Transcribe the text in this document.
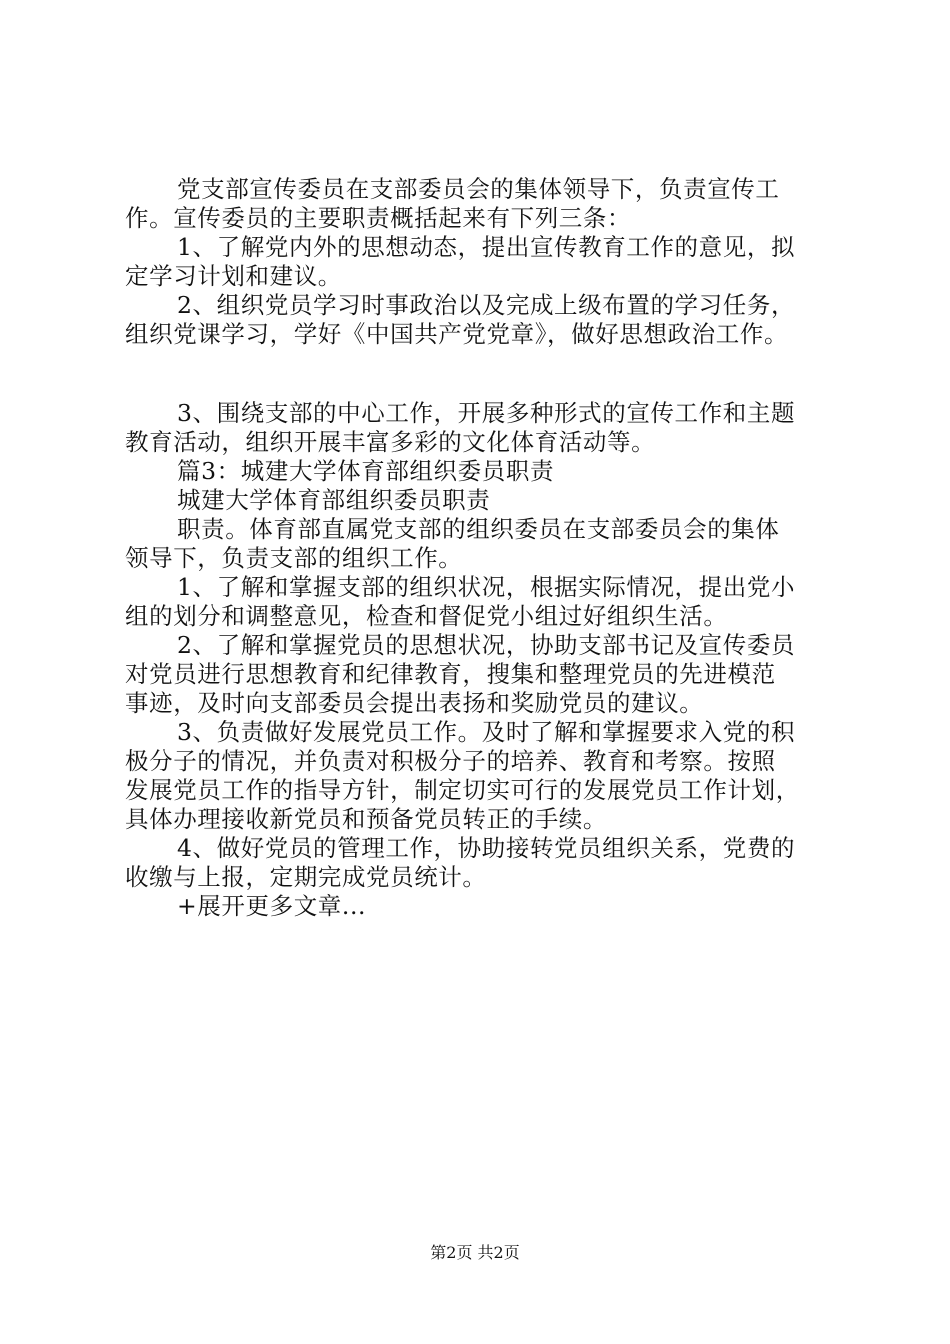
党支部宣传委员在支部委员会的集体领导下，负责宣传工
作。宣传委员的主要职责概括起来有下列三条：
1、了解党内外的思想动态，提出宣传教育工作的意见，拟
定学习计划和建议。
2、组织党员学习时事政治以及完成上级布置的学习任务，
组织党课学习，学好《中国共产党党章》，做好思想政治工作。
3、围绕支部的中心工作，开展多种形式的宣传工作和主题
教育活动，组织开展丰富多彩的文化体育活动等。
篇3：城建大学体育部组织委员职责
城建大学体育部组织委员职责
职责。体育部直属党支部的组织委员在支部委员会的集体
领导下，负责支部的组织工作。
1、了解和掌握支部的组织状况，根据实际情况，提出党小
组的划分和调整意见，检查和督促党小组过好组织生活。
2、了解和掌握党员的思想状况，协助支部书记及宣传委员
对党员进行思想教育和纪律教育，搜集和整理党员的先进模范
事迹，及时向支部委员会提出表扬和奖励党员的建议。
3、负责做好发展党员工作。及时了解和掌握要求入党的积
极分子的情况，并负责对积极分子的培养、教育和考察。按照
发展党员工作的指导方针，制定切实可行的发展党员工作计划，
具体办理接收新党员和预备党员转正的手续。
4、做好党员的管理工作，协助接转党员组织关系，党费的
收缴与上报，定期完成党员统计。
+展开更多文章...
第2页 共2页
